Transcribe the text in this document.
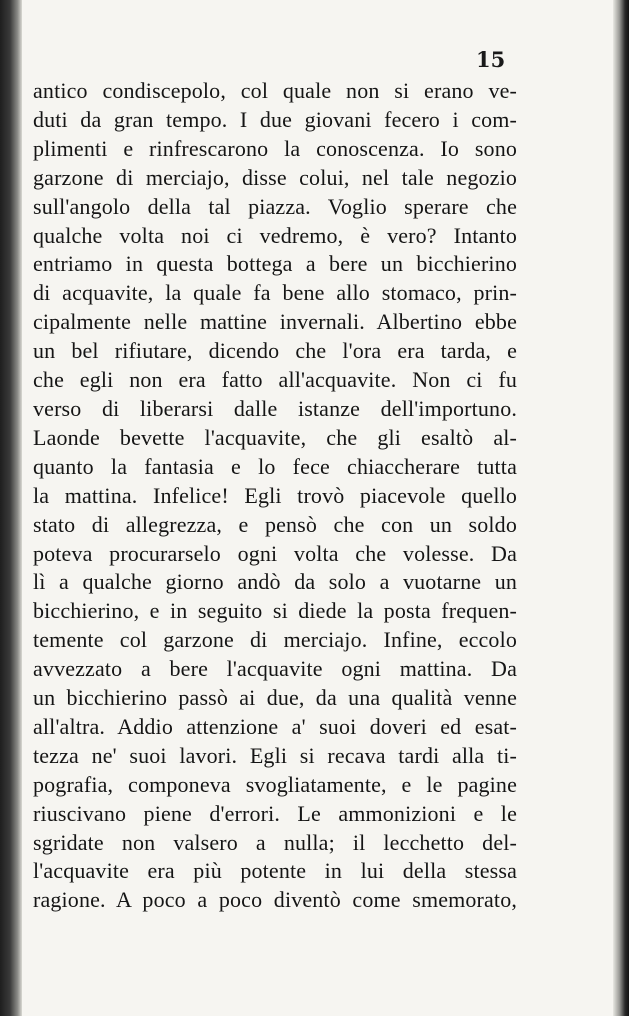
15
antico condiscepolo, col quale non si erano ve-
duti da gran tempo. I due giovani fecero i com-
plimenti e rinfrescarono la conoscenza. Io sono
garzone di merciajo, disse colui, nel tale negozio
sull'angolo della tal piazza. Voglio sperare che
qualche volta noi ci vedremo, è vero? Intanto
entriamo in questa bottega a bere un bicchierino
di acquavite, la quale fa bene allo stomaco, prin-
cipalmente nelle mattine invernali. Albertino ebbe
un bel rifiutare, dicendo che l'ora era tarda, e
che egli non era fatto all'acquavite. Non ci fu
verso di liberarsi dalle istanze dell'importuno.
Laonde bevette l'acquavite, che gli esaltò al-
quanto la fantasia e lo fece chiaccherare tutta
la mattina. Infelice! Egli trovò piacevole quello
stato di allegrezza, e pensò che con un soldo
poteva procurarselo ogni volta che volesse. Da
lì a qualche giorno andò da solo a vuotarne un
bicchierino, e in seguito si diede la posta frequen-
temente col garzone di merciajo. Infine, eccolo
avvezzato a bere l'acquavite ogni mattina. Da
un bicchierino passò ai due, da una qualità venne
all'altra. Addio attenzione a' suoi doveri ed esat-
tezza ne' suoi lavori. Egli si recava tardi alla ti-
pografia, componeva svogliatamente, e le pagine
riuscivano piene d'errori. Le ammonizioni e le
sgridate non valsero a nulla; il lecchetto del-
l'acquavite era più potente in lui della stessa
ragione. A poco a poco diventò come smemorato,
